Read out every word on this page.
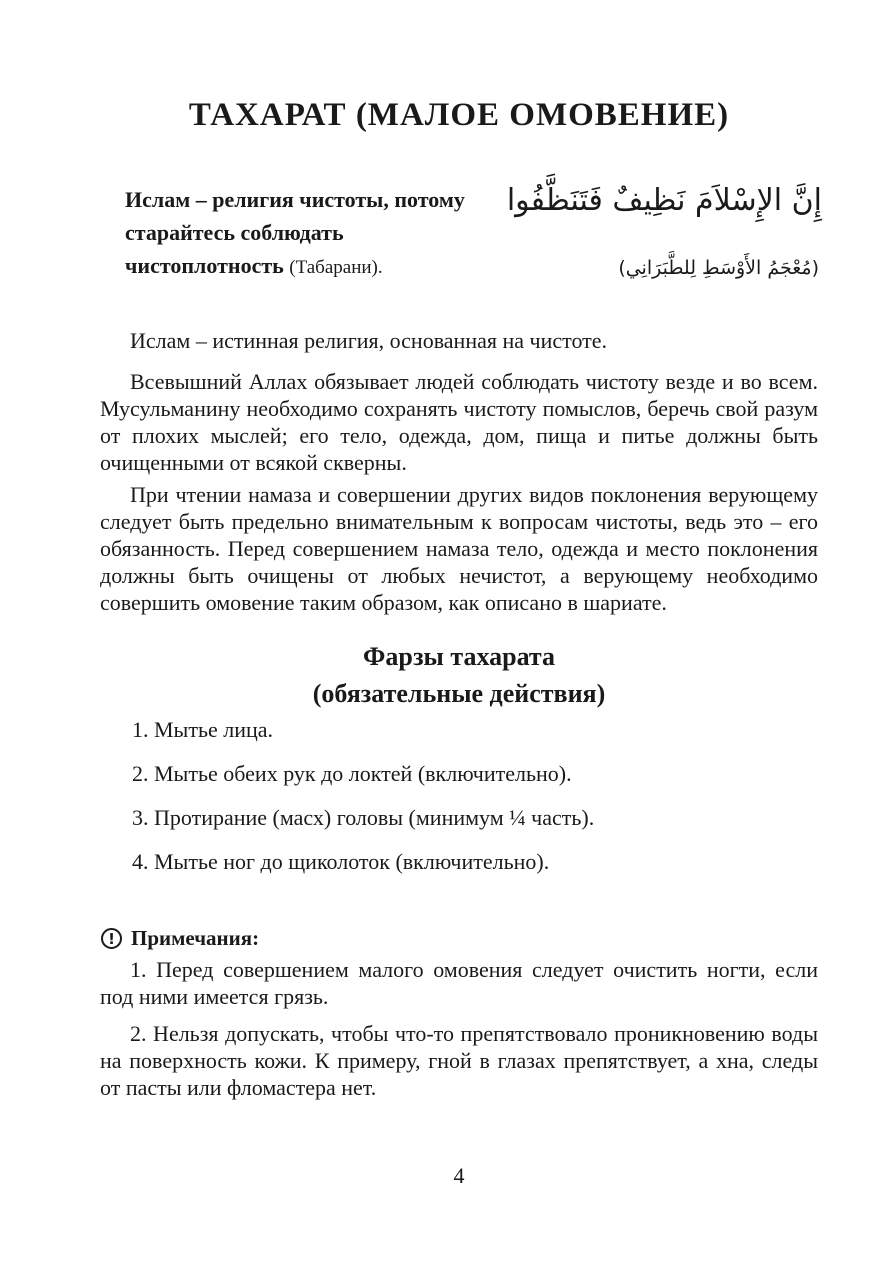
ТАХАРАТ (МАЛОЕ ОМОВЕНИЕ)
Ислам – религия чистоты, потому старайтесь соблюдать чистоплотность (Табарани).
إِنَّ الإِسْلاَمَ نَظِيفٌ فَتَنَظَّفُوا
(مُعْجَمُ الأَوْسَطِ لِلطَّبَرَانِي)
Ислам – истинная религия, основанная на чистоте.
Всевышний Аллах обязывает людей соблюдать чистоту везде и во всем. Мусульманину необходимо сохранять чистоту помыслов, беречь свой разум от плохих мыслей; его тело, одежда, дом, пища и питье должны быть очищенными от всякой скверны.
При чтении намаза и совершении других видов поклонения верующему следует быть предельно внимательным к вопросам чистоты, ведь это – его обязанность. Перед совершением намаза тело, одежда и место поклонения должны быть очищены от любых нечистот, а верующему необходимо совершить омовение таким образом, как описано в шариате.
Фарзы тахарата
(обязательные действия)
1. Мытье лица.
2. Мытье обеих рук до локтей (включительно).
3. Протирание (масх) головы (минимум ¼ часть).
4. Мытье ног до щиколоток (включительно).
! Примечания:
1. Перед совершением малого омовения следует очистить ногти, если под ними имеется грязь.
2. Нельзя допускать, чтобы что-то препятствовало проникновению воды на поверхность кожи. К примеру, гной в глазах препятствует, а хна, следы от пасты или фломастера нет.
4
